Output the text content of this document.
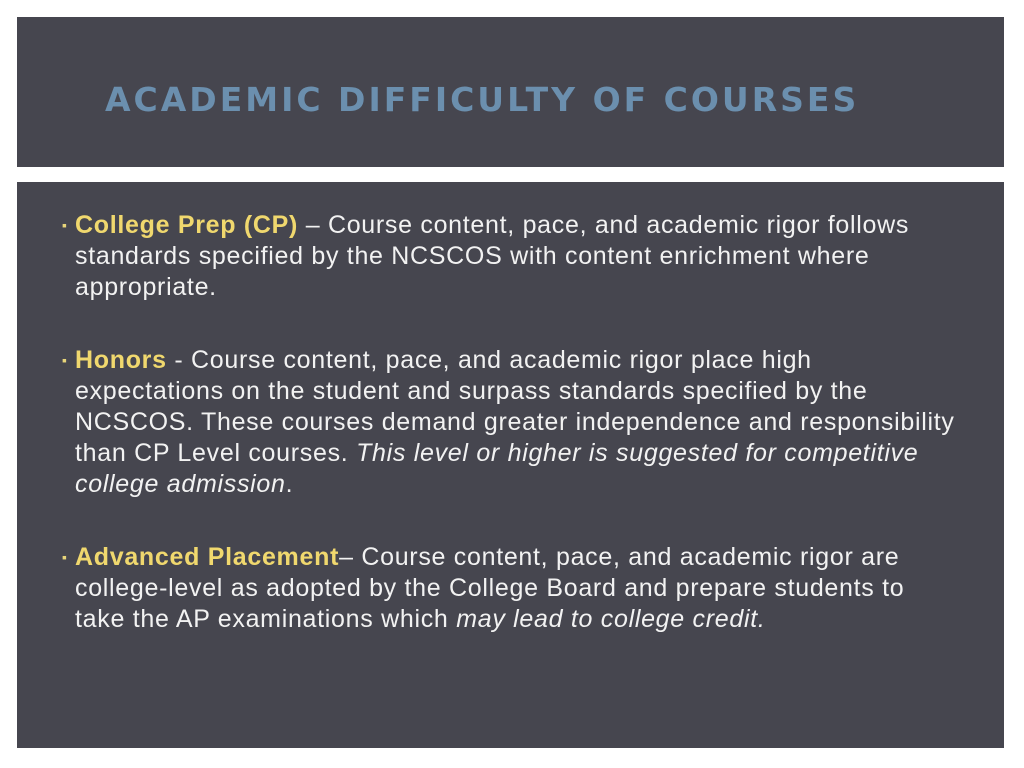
ACADEMIC DIFFICULTY OF COURSES
▪ College Prep (CP) – Course content, pace, and academic rigor follows standards specified by the NCSCOS with content enrichment where appropriate.
▪ Honors - Course content, pace, and academic rigor place high expectations on the student and surpass standards specified by the NCSCOS. These courses demand greater independence and responsibility than CP Level courses. This level or higher is suggested for competitive college admission.
▪ Advanced Placement– Course content, pace, and academic rigor are college-level as adopted by the College Board and prepare students to take the AP examinations which may lead to college credit.
